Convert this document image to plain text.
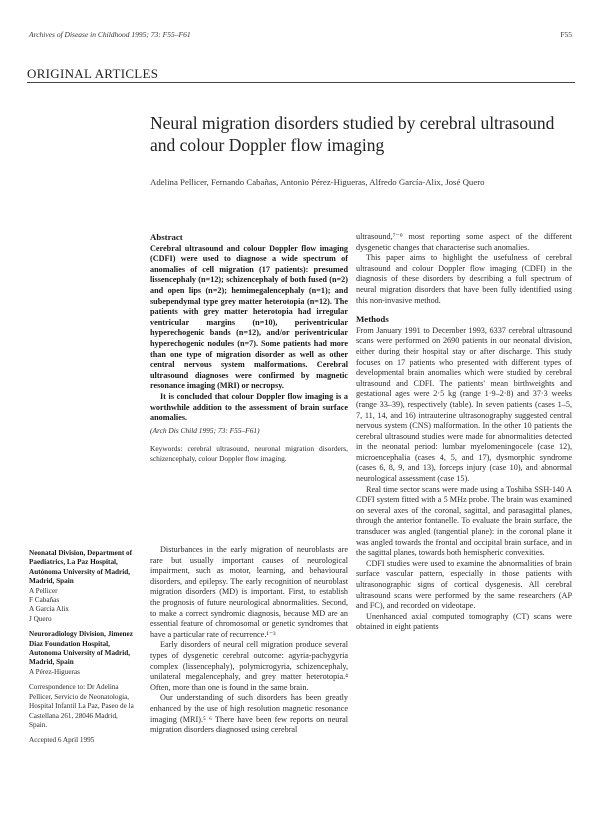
Archives of Disease in Childhood 1995; 73: F55–F61	F55
ORIGINAL ARTICLES
Neural migration disorders studied by cerebral ultrasound and colour Doppler flow imaging
Adelina Pellicer, Fernando Cabañas, Antonio Pérez-Higueras, Alfredo García-Alix, José Quero
Abstract

Cerebral ultrasound and colour Doppler flow imaging (CDFI) were used to diagnose a wide spectrum of anomalies of cell migration (17 patients): presumed lissencephaly (n=12); schizencephaly of both fused (n=2) and open lips (n=2); hemimegalencephaly (n=1); and subependymal type grey matter heterotopia (n=12). The patients with grey matter heterotopia had irregular ventricular margins (n=10), periventricular hyperechogenic bands (n=12), and/or periventricular hyperechogenic nodules (n=7). Some patients had more than one type of migration disorder as well as other central nervous system malformations. Cerebral ultrasound diagnoses were confirmed by magnetic resonance imaging (MRI) or necropsy.

It is concluded that colour Doppler flow imaging is a worthwhile addition to the assessment of brain surface anomalies.

(Arch Dis Child 1995; 73: F55–F61)

Keywords: cerebral ultrasound, neuronal migration disorders, schizencephaly, colour Doppler flow imaging.

Disturbances in the early migration of neuroblasts are rare but usually important causes of neurological impairment, such as motor, learning, and behavioural disorders, and epilepsy. The early recognition of neuroblast migration disorders (MD) is important. First, to establish the prognosis of future neurological abnormalities. Second, to make a correct syndromic diagnosis, because MD are an essential feature of chromosomal or genetic syndromes that have a particular rate of recurrence.¹⁻³

Early disorders of neural cell migration produce several types of dysgenetic cerebral outcome: agyria-pachygyria complex (lissencephaly), polymicrogyria, schizencephaly, unilateral megalencephaly, and grey matter heterotopia.⁴ Often, more than one is found in the same brain.

Our understanding of such disorders has been greatly enhanced by the use of high resolution magnetic resonance imaging (MRI).⁵ ⁶ There have been few reports on neural migration disorders diagnosed using cerebral

ultrasound,⁷⁻⁹ most reporting some aspect of the different dysgenetic changes that characterise such anomalies.

This paper aims to highlight the usefulness of cerebral ultrasound and colour Doppler flow imaging (CDFI) in the diagnosis of these disorders by describing a full spectrum of neural migration disorders that have been fully identified using this non-invasive method.

Methods

From January 1991 to December 1993, 6337 cerebral ultrasound scans were performed on 2690 patients in our neonatal division, either during their hospital stay or after discharge. This study focuses on 17 patients who presented with different types of developmental brain anomalies which were studied by cerebral ultrasound and CDFI. The patients' mean birthweights and gestational ages were 2·5 kg (range 1·9–2·8) and 37·3 weeks (range 33–39), respectively (table). In seven patients (cases 1–5, 7, 11, 14, and 16) intrauterine ultrasonography suggested central nervous system (CNS) malformation. In the other 10 patients the cerebral ultrasound studies were made for abnormalities detected in the neonatal period: lumbar myelomeningocele (case 12), microencephalia (cases 4, 5, and 17), dysmorphic syndrome (cases 6, 8, 9, and 13), forceps injury (case 10), and abnormal neurological assessment (case 15).

Real time sector scans were made using a Toshiba SSH-140 A CDFI system fitted with a 5 MHz probe. The brain was examined on several axes of the coronal, sagittal, and parasagittal planes, through the anterior fontanelle. To evaluate the brain surface, the transducer was angled (tangential plane): in the coronal plane it was angled towards the frontal and occipital brain surface, and in the sagittal planes, towards both hemispheric convexities.

CDFI studies were used to examine the abnormalities of brain surface vascular pattern, especially in those patients with ultrasonographic signs of cortical dysgenesis. All cerebral ultrasound scans were performed by the same researchers (AP and FC), and recorded on videotape.

Unenhanced axial computed tomography (CT) scans were obtained in eight patients

Neonatal Division, Department of Paediatrics, La Paz Hospital, Autónoma University of Madrid, Madrid, Spain

A Pellicer
F Cabañas
A García Alix
J Quero

Neuroradiology Division, Jimenez Diaz Foundation Hospital, Autonoma University of Madrid, Madrid, Spain

A Pérez-Higueras

Correspondence to: Dr Adelina Pellicer, Servicio de Neonatologia, Hospital Infantil La Paz, Paseo de la Castellana 261, 28046 Madrid, Spain.

Accepted 6 April 1995
